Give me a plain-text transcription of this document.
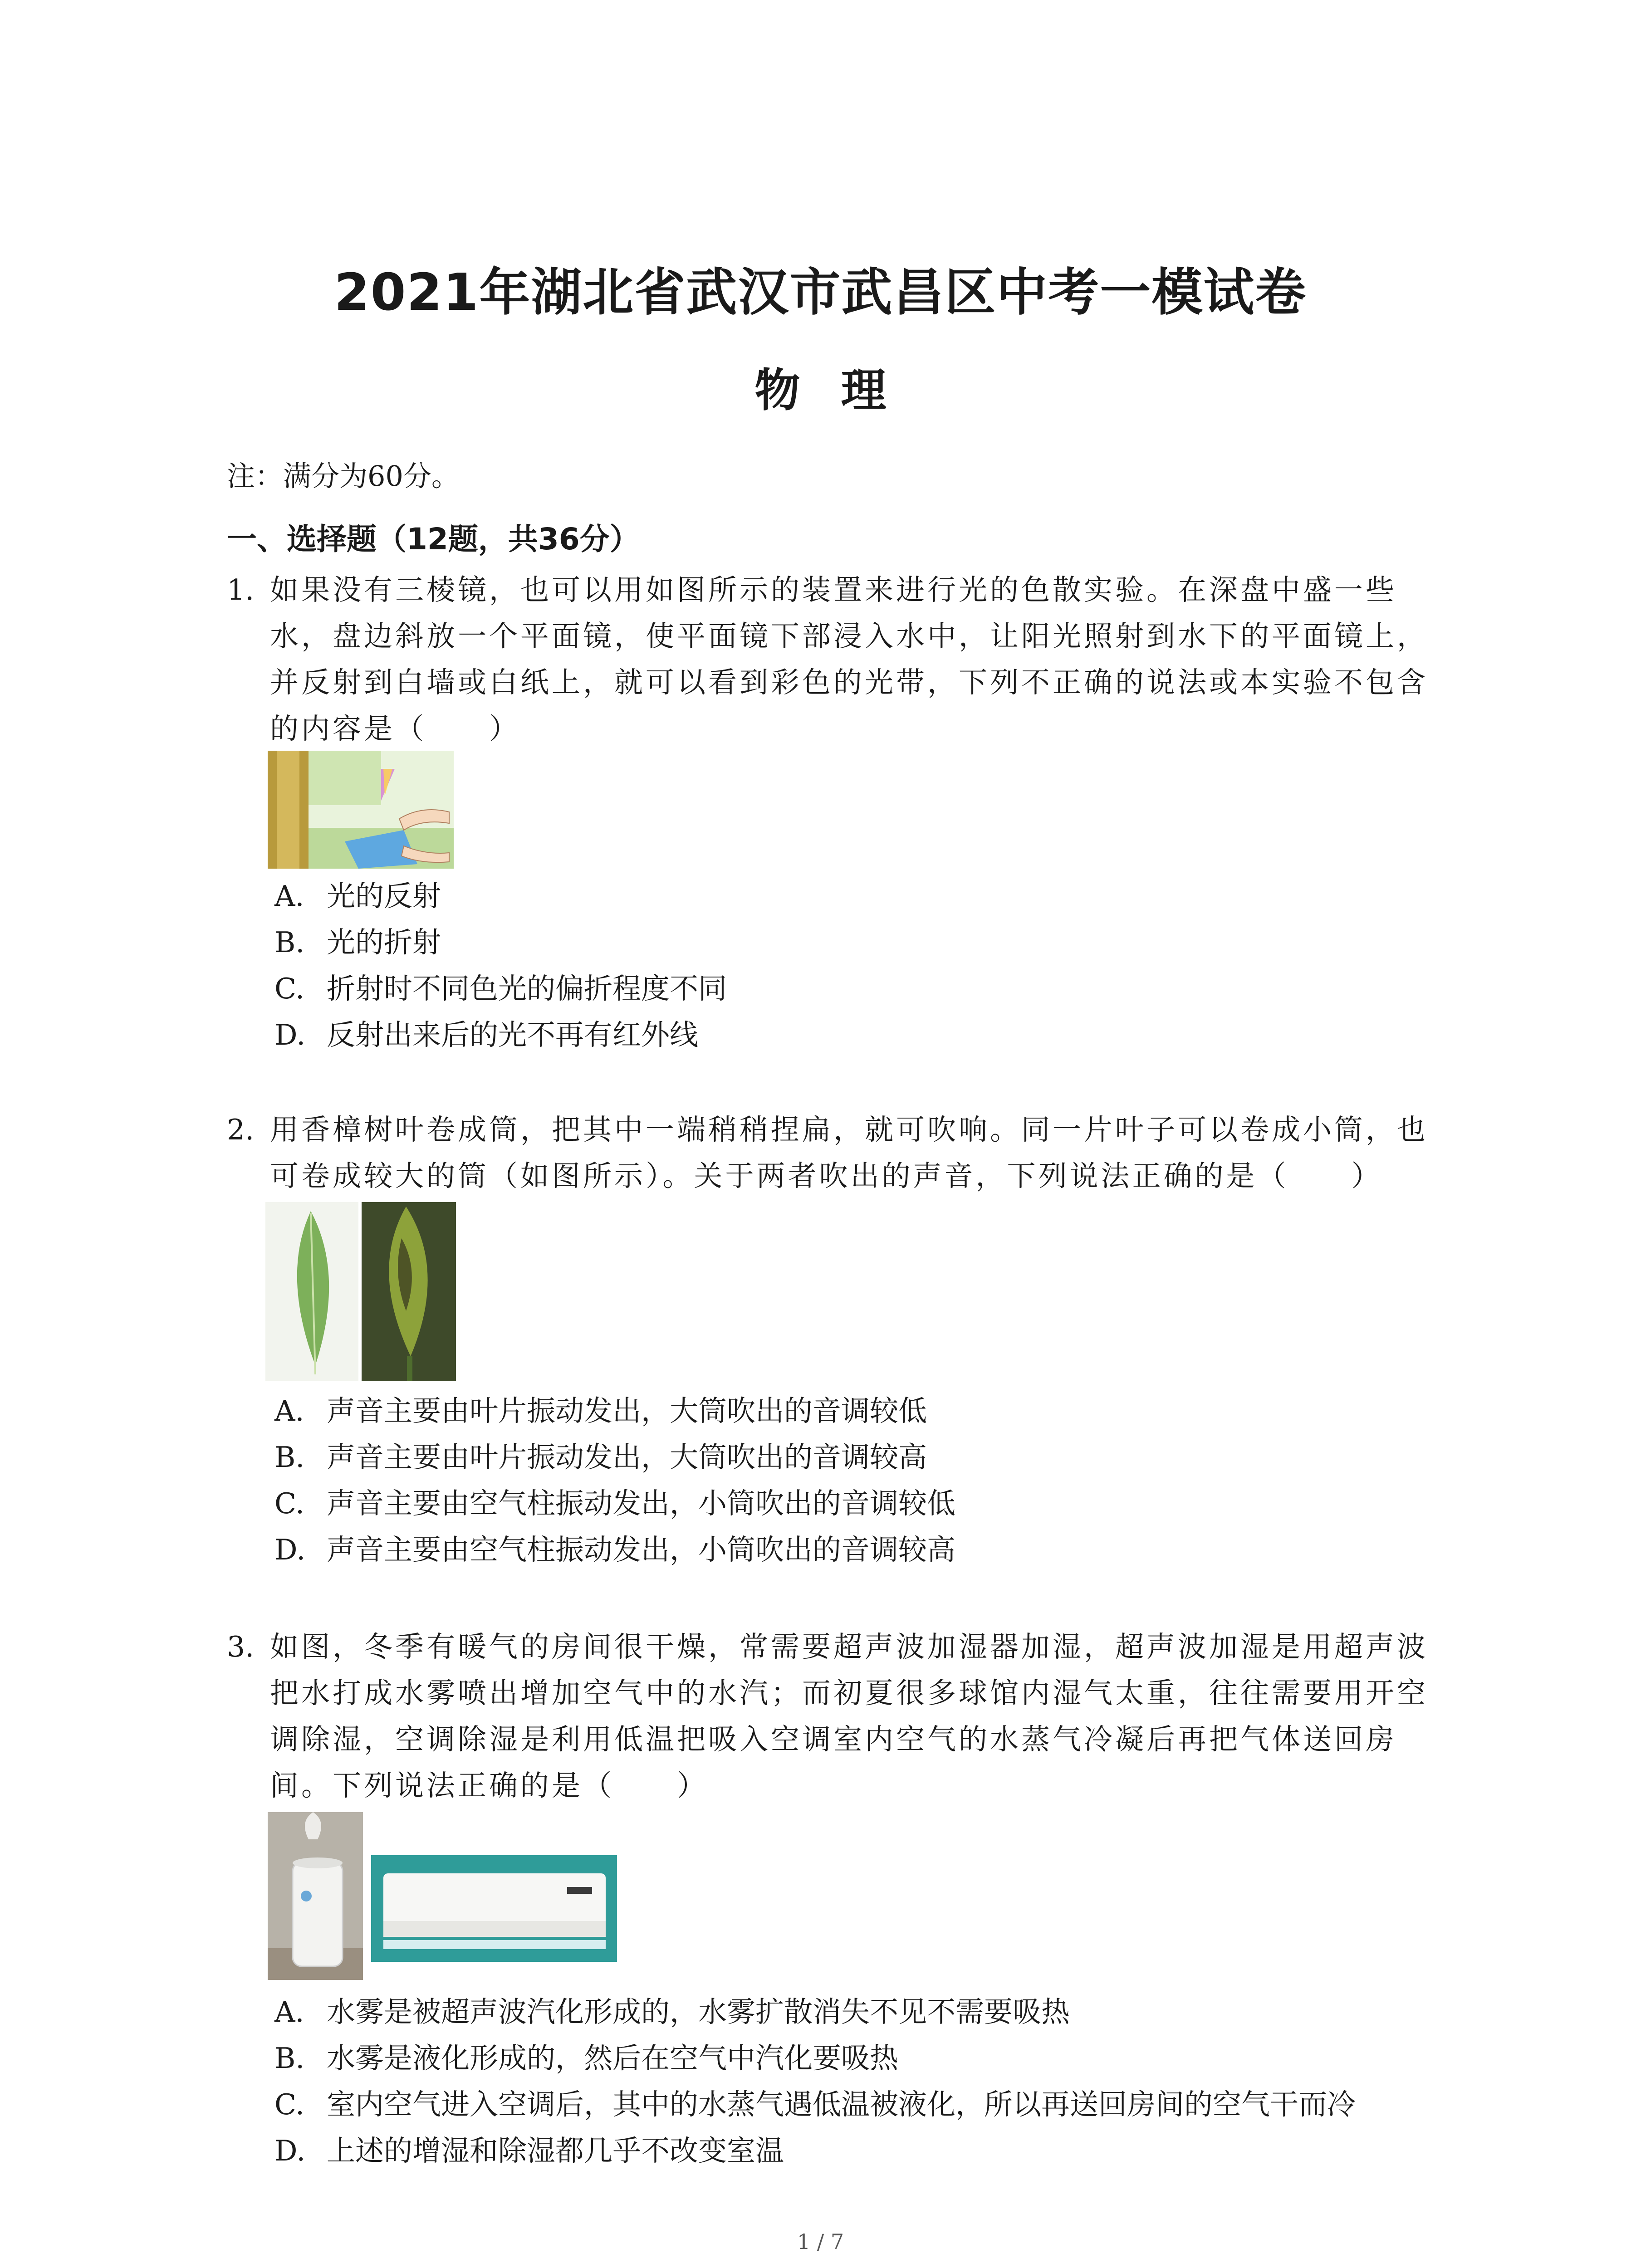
2021年湖北省武汉市武昌区中考一模试卷
物理
注：满分为60分。
一、选择题（12题，共36分）
1. 如果没有三棱镜，也可以用如图所示的装置来进行光的色散实验。在深盘中盛一些水，盘边斜放一个平面镜，使平面镜下部浸入水中，让阳光照射到水下的平面镜上，并反射到白墙或白纸上，就可以看到彩色的光带，下列不正确的说法或本实验不包含的内容是（　　）
A. 光的反射
B. 光的折射
C. 折射时不同色光的偏折程度不同
D. 反射出来后的光不再有红外线
2. 用香樟树叶卷成筒，把其中一端稍稍捏扁，就可吹响。同一片叶子可以卷成小筒，也可卷成较大的筒（如图所示）。关于两者吹出的声音，下列说法正确的是（　　）
A. 声音主要由叶片振动发出，大筒吹出的音调较低
B. 声音主要由叶片振动发出，大筒吹出的音调较高
C. 声音主要由空气柱振动发出，小筒吹出的音调较低
D. 声音主要由空气柱振动发出，小筒吹出的音调较高
3. 如图，冬季有暖气的房间很干燥，常需要超声波加湿器加湿，超声波加湿是用超声波把水打成水雾喷出增加空气中的水汽；而初夏很多球馆内湿气太重，往往需要用开空调除湿，空调除湿是利用低温把吸入空调室内空气的水蒸气冷凝后再把气体送回房间。下列说法正确的是（　　）
A. 水雾是被超声波汽化形成的，水雾扩散消失不见不需要吸热
B. 水雾是液化形成的，然后在空气中汽化要吸热
C. 室内空气进入空调后，其中的水蒸气遇低温被液化，所以再送回房间的空气干而冷
D. 上述的增湿和除湿都几乎不改变室温
1 / 7
